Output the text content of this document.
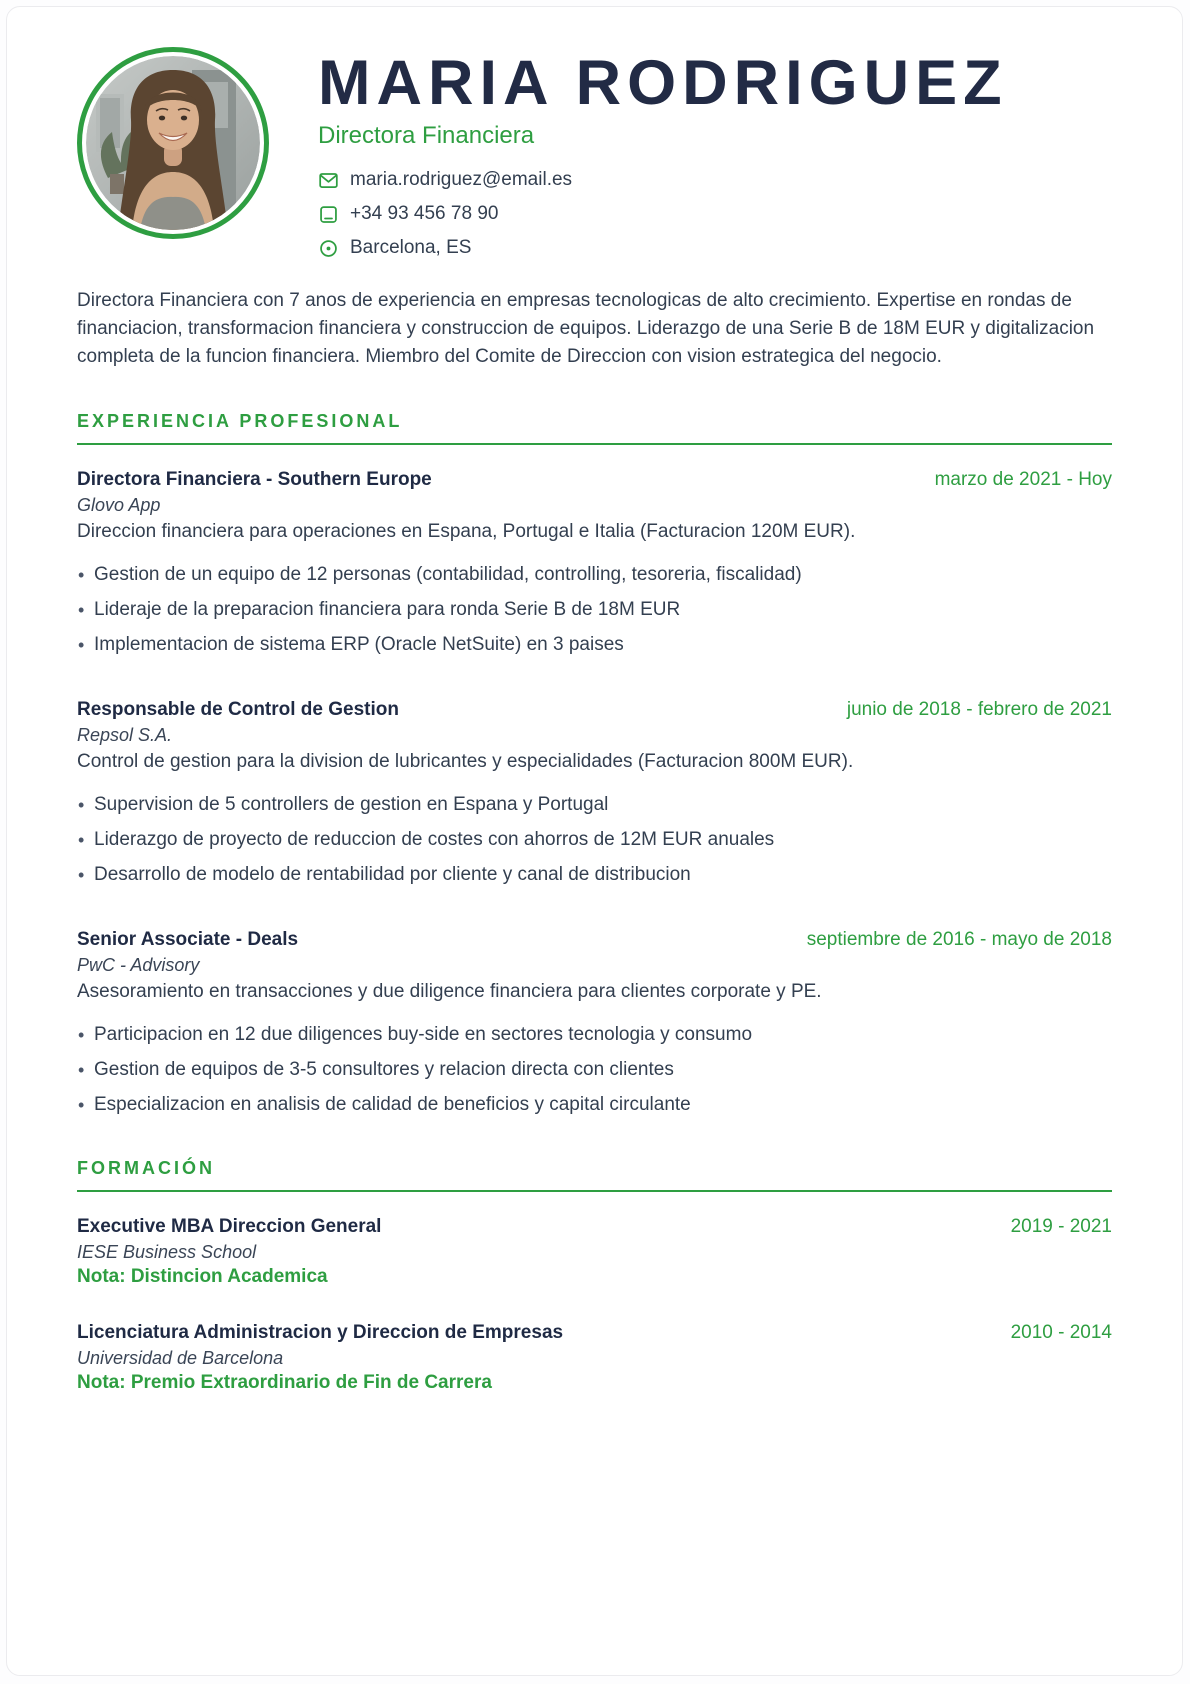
MARIA RODRIGUEZ
Directora Financiera
maria.rodriguez@email.es
+34 93 456 78 90
Barcelona, ES
Directora Financiera con 7 anos de experiencia en empresas tecnologicas de alto crecimiento. Expertise en rondas de financiacion, transformacion financiera y construccion de equipos. Liderazgo de una Serie B de 18M EUR y digitalizacion completa de la funcion financiera. Miembro del Comite de Direccion con vision estrategica del negocio.
EXPERIENCIA PROFESIONAL
Directora Financiera - Southern Europe	marzo de 2021 - Hoy
Glovo App
Direccion financiera para operaciones en Espana, Portugal e Italia (Facturacion 120M EUR).
• Gestion de un equipo de 12 personas (contabilidad, controlling, tesoreria, fiscalidad)
• Lideraje de la preparacion financiera para ronda Serie B de 18M EUR
• Implementacion de sistema ERP (Oracle NetSuite) en 3 paises
Responsable de Control de Gestion	junio de 2018 - febrero de 2021
Repsol S.A.
Control de gestion para la division de lubricantes y especialidades (Facturacion 800M EUR).
• Supervision de 5 controllers de gestion en Espana y Portugal
• Liderazgo de proyecto de reduccion de costes con ahorros de 12M EUR anuales
• Desarrollo de modelo de rentabilidad por cliente y canal de distribucion
Senior Associate - Deals	septiembre de 2016 - mayo de 2018
PwC - Advisory
Asesoramiento en transacciones y due diligence financiera para clientes corporate y PE.
• Participacion en 12 due diligences buy-side en sectores tecnologia y consumo
• Gestion de equipos de 3-5 consultores y relacion directa con clientes
• Especializacion en analisis de calidad de beneficios y capital circulante
FORMACIÓN
Executive MBA Direccion General	2019 - 2021
IESE Business School
Nota: Distincion Academica
Licenciatura Administracion y Direccion de Empresas	2010 - 2014
Universidad de Barcelona
Nota: Premio Extraordinario de Fin de Carrera
